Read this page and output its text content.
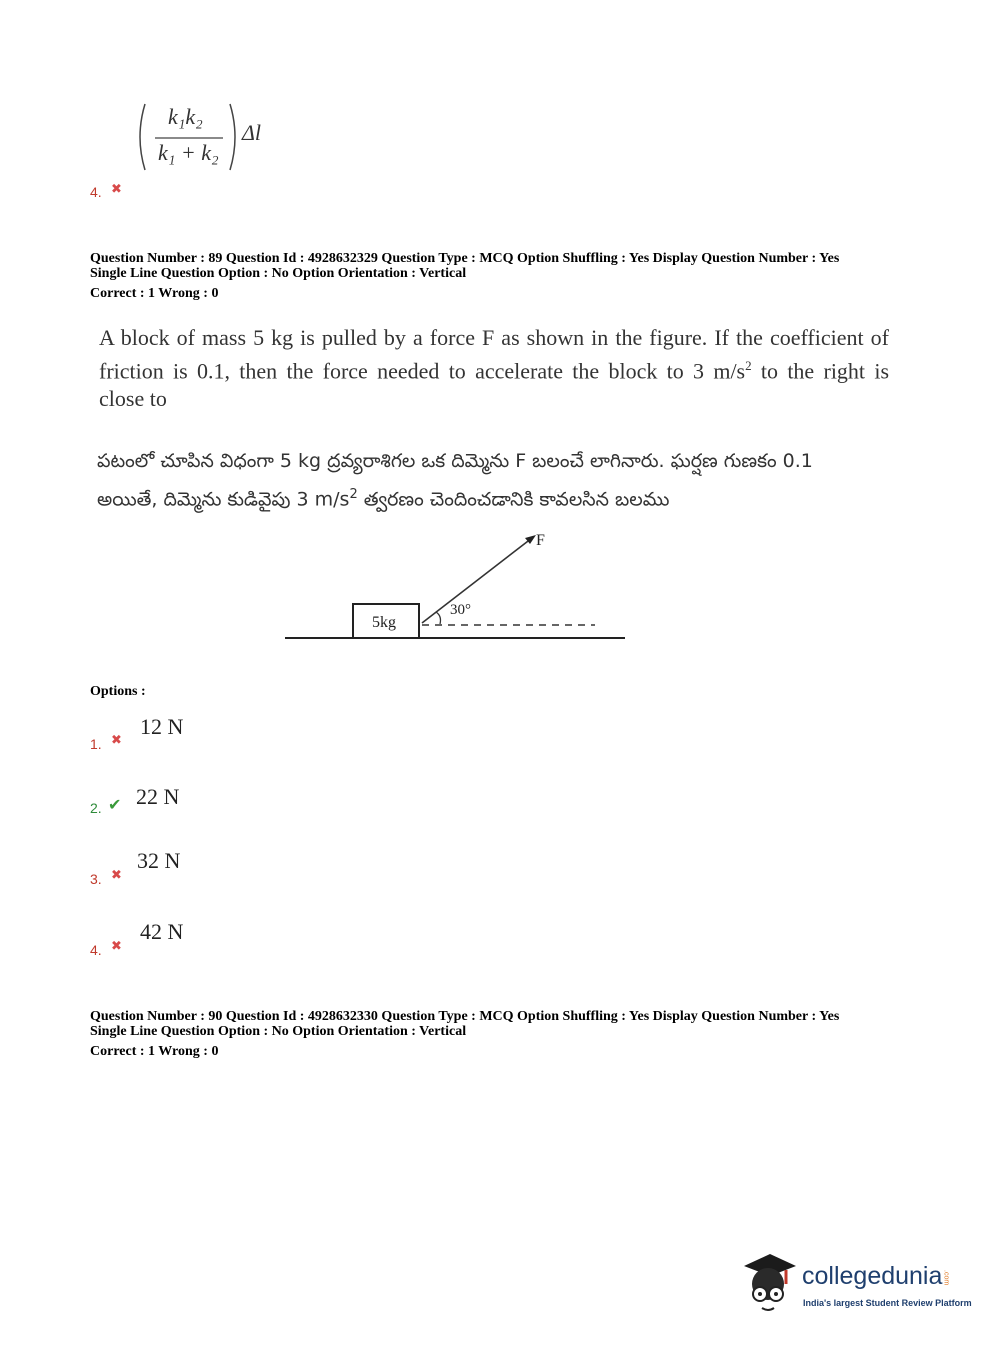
k₁k₂
k₁ + k₂
Δl
4. ✖
Question Number : 89 Question Id : 4928632329 Question Type : MCQ Option Shuffling : Yes Display Question Number : Yes
Single Line Question Option : No Option Orientation : Vertical
Correct : 1 Wrong : 0
A block of mass 5 kg is pulled by a force F as shown in the figure. If the coefficient of
friction is 0.1, then the force needed to accelerate the block to 3 $m/s^2$ to the right is
close to
పటంలో చూపిన విధంగా 5 kg ద్రవ్యరాశిగల ఒక దిమ్మెను F బలంచే లాగినారు. ఘర్షణ గుణకం 0.1
అయితే, దిమ్మెను కుడివైపు 3 $m/s^2$ త్వరణం చెందించడానికి కావలసిన బలము
5kg
F
30°
Options :
1. ✖
12 N
2. ✔ 22 N
3. ✖
32 N
4. ✖
42 N
Question Number : 90 Question Id : 4928632330 Question Type : MCQ Option Shuffling : Yes Display Question Number : Yes
Single Line Question Option : No Option Orientation : Vertical
Correct : 1 Wrong : 0
collegedunia.com
India's largest Student Review Platform
